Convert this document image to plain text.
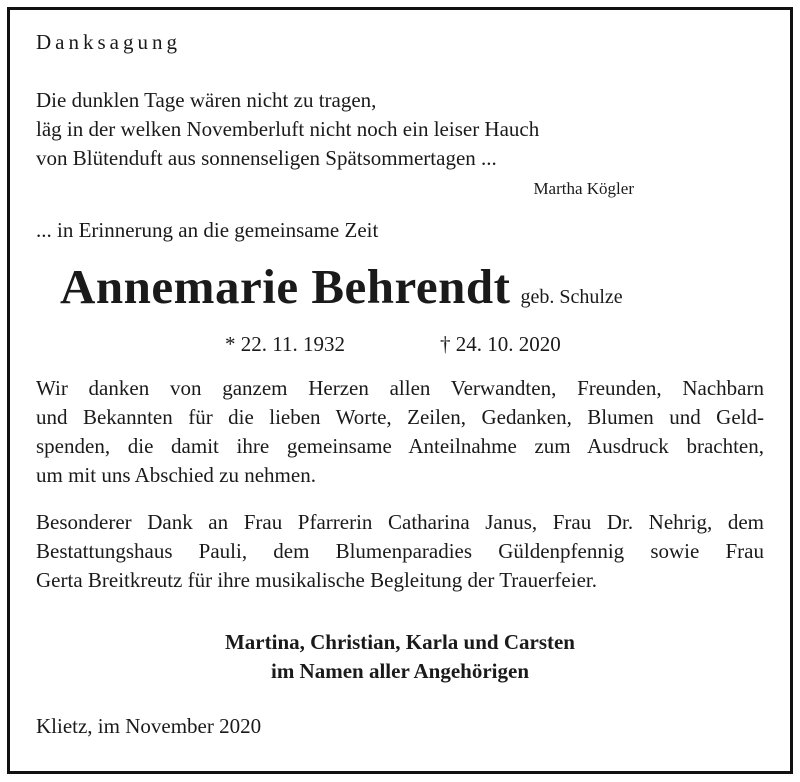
Danksagung
Die dunklen Tage wären nicht zu tragen,
läg in der welken Novemberluft nicht noch ein leiser Hauch
von Blütenduft aus sonnenseligen Spätsommertagen ...
Martha Kögler
... in Erinnerung an die gemeinsame Zeit
Annemarie Behrendt geb. Schulze
* 22. 11. 1932	† 24. 10. 2020
Wir danken von ganzem Herzen allen Verwandten, Freunden, Nachbarn
und Bekannten für die lieben Worte, Zeilen, Gedanken, Blumen und Geld-
spenden, die damit ihre gemeinsame Anteilnahme zum Ausdruck brachten,
um mit uns Abschied zu nehmen.
Besonderer Dank an Frau Pfarrerin Catharina Janus, Frau Dr. Nehrig, dem
Bestattungshaus Pauli, dem Blumenparadies Güldenpfennig sowie Frau
Gerta Breitkreutz für ihre musikalische Begleitung der Trauerfeier.
Martina, Christian, Karla und Carsten
im Namen aller Angehörigen
Klietz, im November 2020
